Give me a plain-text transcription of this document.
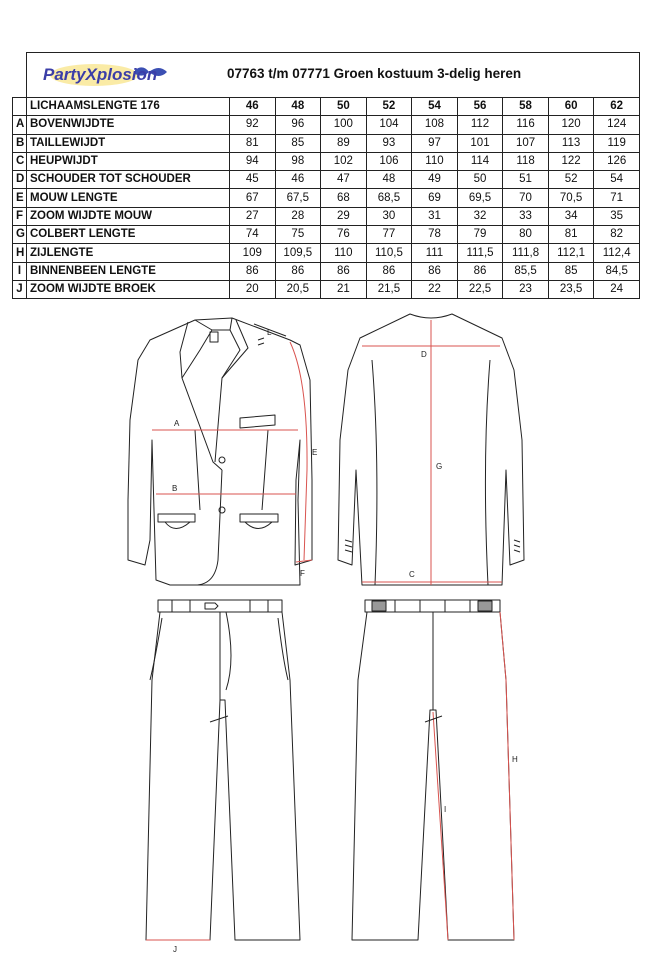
PartyXplosion 07763 t/m 07771 Groen kostuum 3-delig heren									

	LICHAAMSLENGTE 176	46	48	50	52	54	56	58	60	62
A	BOVENWIJDTE	92	96	100	104	108	112	116	120	124
B	TAILLEWIJDT	81	85	89	93	97	101	107	113	119
C	HEUPWIJDT	94	98	102	106	110	114	118	122	126
D	SCHOUDER TOT SCHOUDER	45	46	47	48	49	50	51	52	54
E	MOUW LENGTE	67	67,5	68	68,5	69	69,5	70	70,5	71
F	ZOOM WIJDTE MOUW	27	28	29	30	31	32	33	34	35
G	COLBERT LENGTE	74	75	76	77	78	79	80	81	82
H	ZIJLENGTE	109	109,5	110	110,5	111	111,5	111,8	112,1	112,4
I	BINNENBEEN LENGTE	86	86	86	86	86	86	85,5	85	84,5
J	ZOOM WIJDTE BROEK	20	20,5	21	21,5	22	22,5	23	23,5	24
A
B
C
D
E
F
G
H
I
J
L
